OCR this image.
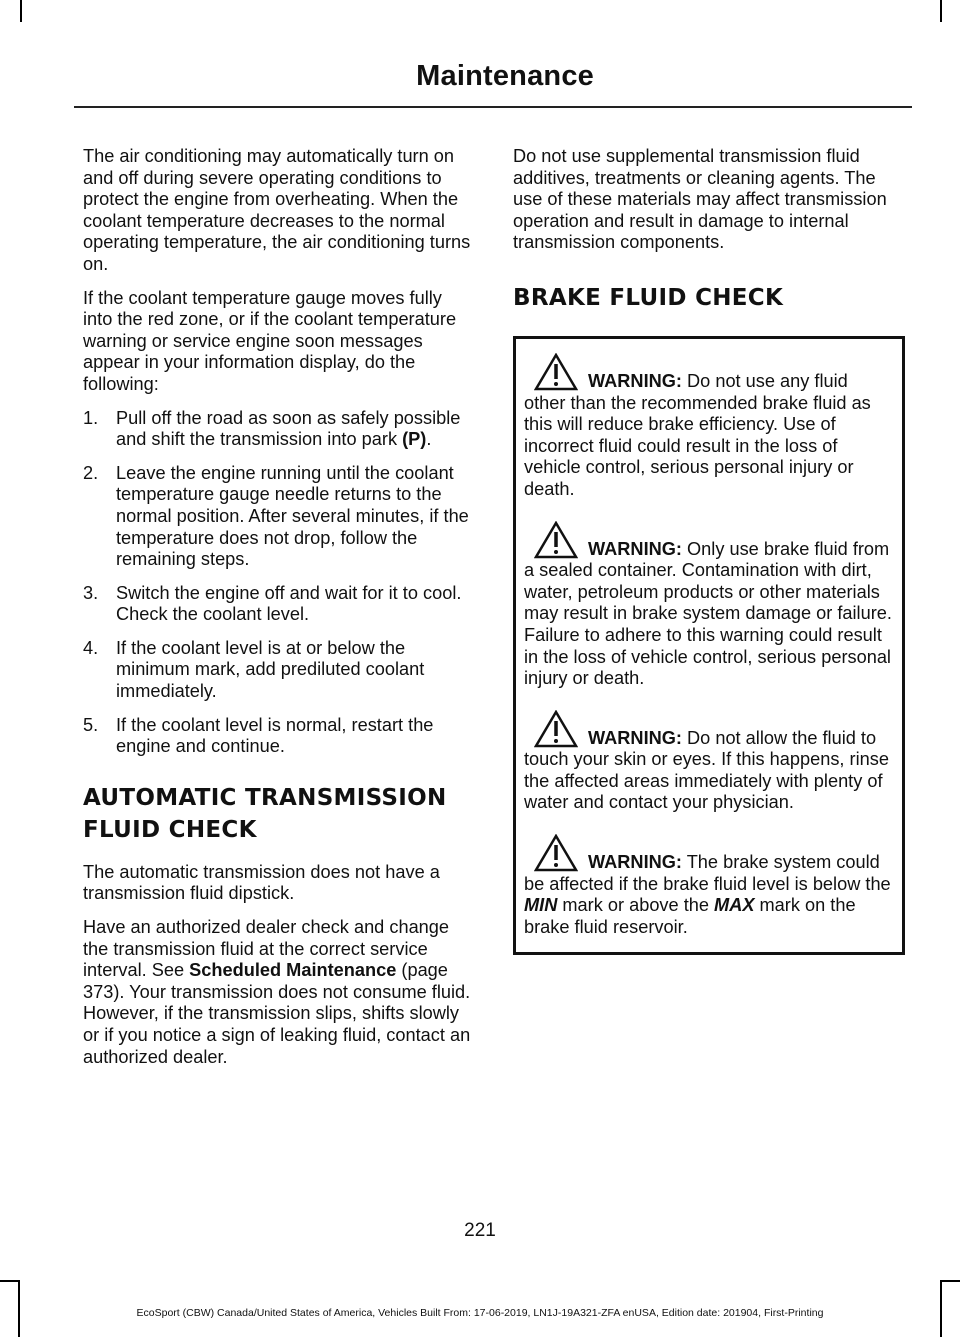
Maintenance

The air conditioning may automatically turn on and off during severe operating conditions to protect the engine from overheating. When the coolant temperature decreases to the normal operating temperature, the air conditioning turns on.

If the coolant temperature gauge moves fully into the red zone, or if the coolant temperature warning or service engine soon messages appear in your information display, do the following:

1. Pull off the road as soon as safely possible and shift the transmission into park (P).
2. Leave the engine running until the coolant temperature gauge needle returns to the normal position. After several minutes, if the temperature does not drop, follow the remaining steps.
3. Switch the engine off and wait for it to cool. Check the coolant level.
4. If the coolant level is at or below the minimum mark, add prediluted coolant immediately.
5. If the coolant level is normal, restart the engine and continue.
AUTOMATIC TRANSMISSION
FLUID CHECK

The automatic transmission does not have a transmission fluid dipstick.

Have an authorized dealer check and change the transmission fluid at the correct service interval. See Scheduled Maintenance (page 373). Your transmission does not consume fluid. However, if the transmission slips, shifts slowly or if you notice a sign of leaking fluid, contact an authorized dealer.

Do not use supplemental transmission fluid additives, treatments or cleaning agents. The use of these materials may affect transmission operation and result in damage to internal transmission components.

BRAKE FLUID CHECK
WARNING: Do not use any fluid other than the recommended brake fluid as this will reduce brake efficiency. Use of incorrect fluid could result in the loss of vehicle control, serious personal injury or death.
WARNING: Only use brake fluid from a sealed container. Contamination with dirt, water, petroleum products or other materials may result in brake system damage or failure. Failure to adhere to this warning could result in the loss of vehicle control, serious personal injury or death.
WARNING: Do not allow the fluid to touch your skin or eyes. If this happens, rinse the affected areas immediately with plenty of water and contact your physician.
WARNING: The brake system could be affected if the brake fluid level is below the MIN mark or above the MAX mark on the brake fluid reservoir.
221
EcoSport (CBW) Canada/United States of America, Vehicles Built From: 17-06-2019, LN1J-19A321-ZFA enUSA, Edition date: 201904, First-Printing
